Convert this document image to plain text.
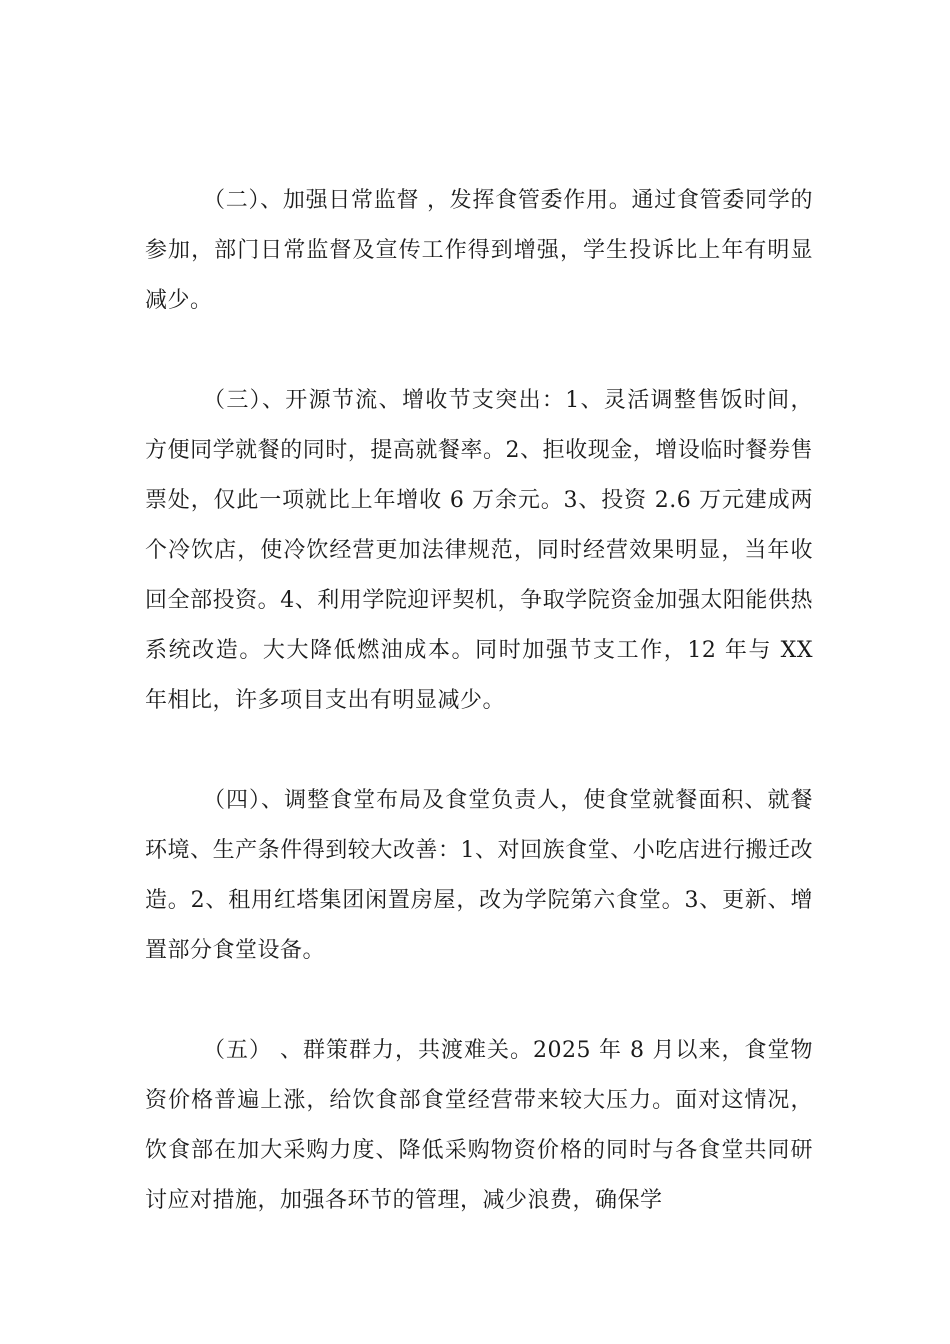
（二）、加强日常监督 ，发挥食管委作用。通过食管委同学的参加，部门日常监督及宣传工作得到增强，学生投诉比上年有明显减少。

（三）、开源节流、增收节支突出：1、灵活调整售饭时间，方便同学就餐的同时，提高就餐率。2、拒收现金，增设临时餐券售票处，仅此一项就比上年增收 6 万余元。3、投资 2.6 万元建成两个冷饮店，使冷饮经营更加法律规范，同时经营效果明显，当年收回全部投资。4、利用学院迎评契机，争取学院资金加强太阳能供热系统改造。大大降低燃油成本。同时加强节支工作，12 年与 XX 年相比，许多项目支出有明显减少。

（四）、调整食堂布局及食堂负责人，使食堂就餐面积、就餐环境、生产条件得到较大改善：1、对回族食堂、小吃店进行搬迁改造。2、租用红塔集团闲置房屋，改为学院第六食堂。3、更新、增置部分食堂设备。

（五） 、群策群力，共渡难关。2025 年 8 月以来，食堂物资价格普遍上涨，给饮食部食堂经营带来较大压力。面对这情况，饮食部在加大采购力度、降低采购物资价格的同时与各食堂共同研讨应对措施，加强各环节的管理，减少浪费，确保学
